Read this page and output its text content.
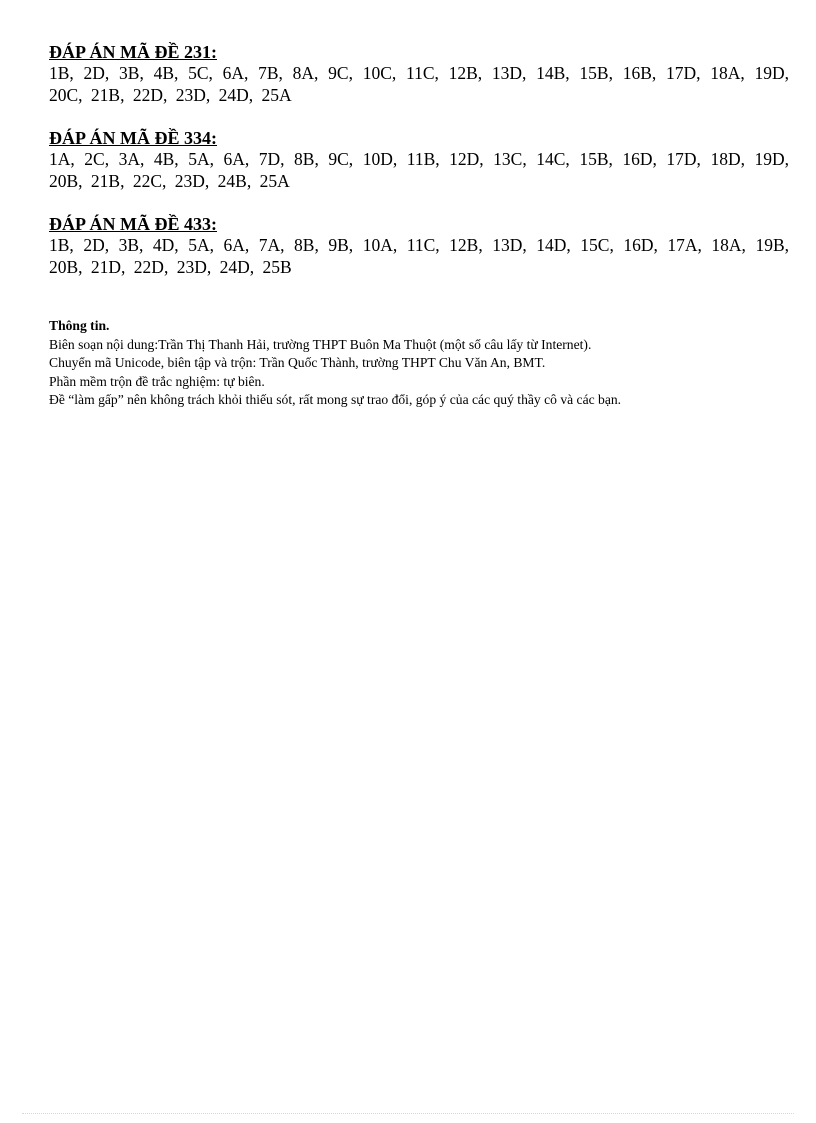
ĐÁP ÁN MÃ ĐỀ 231:

1B, 2D, 3B, 4B, 5C, 6A, 7B, 8A, 9C, 10C, 11C, 12B, 13D, 14B, 15B, 16B, 17D, 18A, 19D, 20C, 21B, 22D, 23D, 24D, 25A

ĐÁP ÁN MÃ ĐỀ 334:

1A, 2C, 3A, 4B, 5A, 6A, 7D, 8B, 9C, 10D, 11B, 12D, 13C, 14C, 15B, 16D, 17D, 18D, 19D, 20B, 21B, 22C, 23D, 24B, 25A

ĐÁP ÁN MÃ ĐỀ 433:

1B, 2D, 3B, 4D, 5A, 6A, 7A, 8B, 9B, 10A, 11C, 12B, 13D, 14D, 15C, 16D, 17A, 18A, 19B, 20B, 21D, 22D, 23D, 24D, 25B

Thông tin.

Biên soạn nội dung:Trần Thị Thanh Hải, trường THPT Buôn Ma Thuột (một số câu lấy từ Internet).

Chuyển mã Unicode, biên tập và trộn: Trần Quốc Thành, trường THPT Chu Văn An, BMT.

Phần mềm trộn đề trắc nghiệm: tự biên.

Đề “làm gấp” nên không trách khỏi thiếu sót, rất mong sự trao đổi, góp ý của các quý thầy cô và các bạn.
